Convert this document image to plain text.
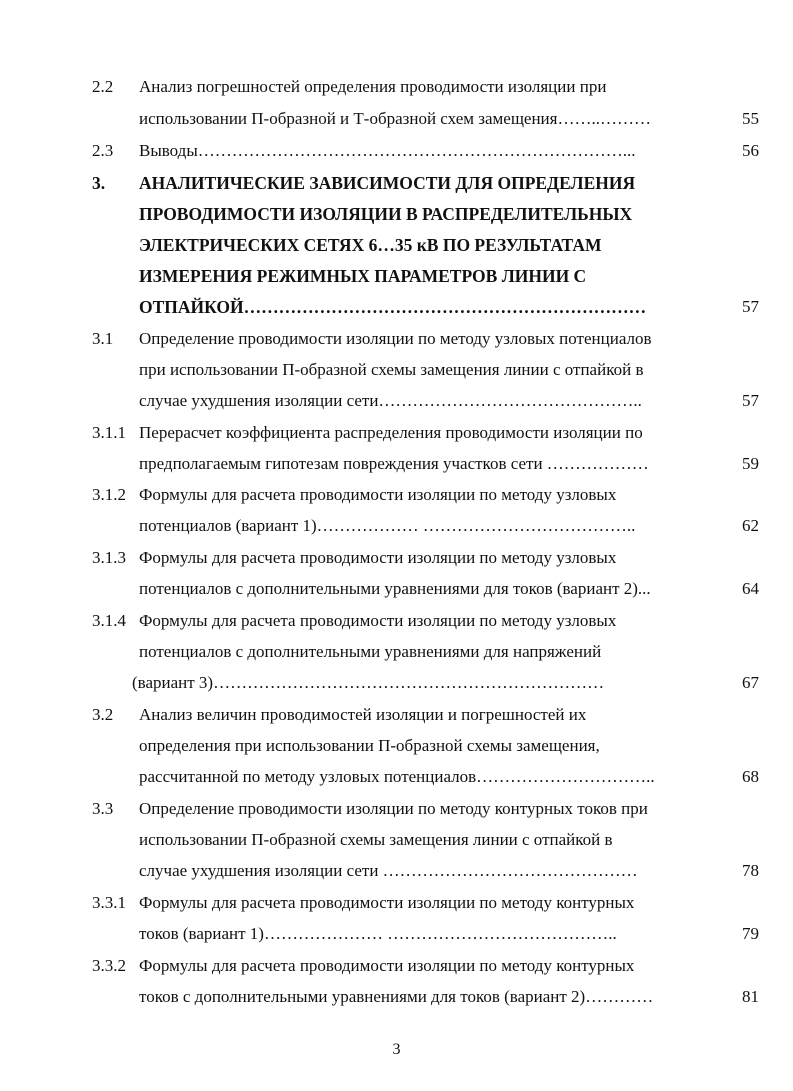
2.2 Анализ погрешностей определения проводимости изоляции при
использовании П-образной и Т-образной схем замещения……..………	55
2.3 Выводы…………………………………………………………………...	56
3. АНАЛИТИЧЕСКИЕ ЗАВИСИМОСТИ ДЛЯ ОПРЕДЕЛЕНИЯ
ПРОВОДИМОСТИ ИЗОЛЯЦИИ В РАСПРЕДЕЛИТЕЛЬНЫХ
ЭЛЕКТРИЧЕСКИХ СЕТЯХ 6…35 кВ ПО РЕЗУЛЬТАТАМ
ИЗМЕРЕНИЯ РЕЖИМНЫХ ПАРАМЕТРОВ ЛИНИИ С
ОТПАЙКОЙ……………………………………………………………	57
3.1 Определение проводимости изоляции по методу узловых потенциалов
при использовании П-образной схемы замещения линии с отпайкой в
случае ухудшения изоляции сети………………………………………..	57
3.1.1 Перерасчет коэффициента распределения проводимости изоляции по
предполагаемым гипотезам повреждения участков сети ………………	59
3.1.2 Формулы для расчета проводимости изоляции по методу узловых
потенциалов (вариант 1)……………… ………………………………..	62
3.1.3 Формулы для расчета проводимости изоляции по методу узловых
потенциалов с дополнительными уравнениями для токов (вариант 2)...	64
3.1.4 Формулы для расчета проводимости изоляции по методу узловых
потенциалов с дополнительными уравнениями для напряжений
(вариант 3)……………………………………………………………	67
3.2 Анализ величин проводимостей изоляции и погрешностей их
определения при использовании П-образной схемы замещения,
рассчитанной по методу узловых потенциалов…………………………..	68
3.3 Определение проводимости изоляции по методу контурных токов при
использовании П-образной схемы замещения линии с отпайкой в
случае ухудшения изоляции сети ………………………………………	78
3.3.1 Формулы для расчета проводимости изоляции по методу контурных
токов (вариант 1)………………… …………………………………..	79
3.3.2 Формулы для расчета проводимости изоляции по методу контурных
токов с дополнительными уравнениями для токов (вариант 2)…………	81
3
